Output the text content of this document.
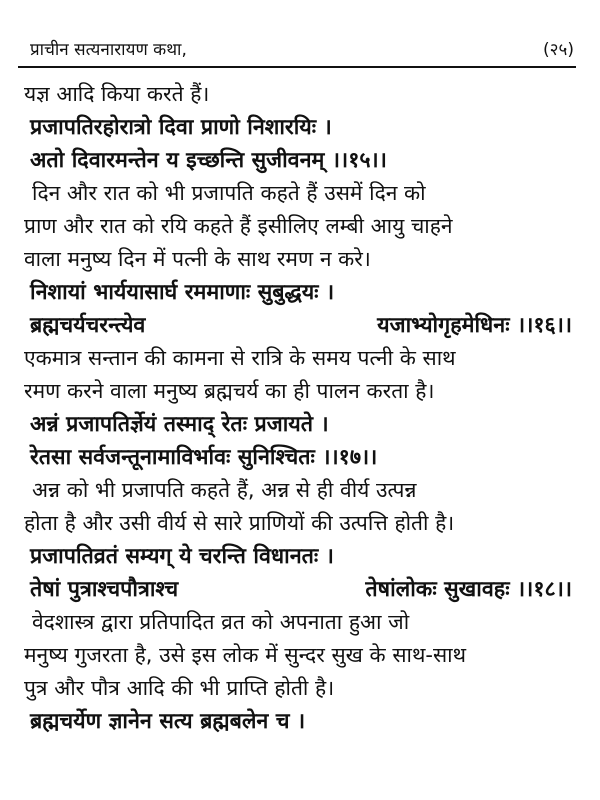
प्राचीन सत्यनारायण कथा,	(२५)
यज्ञ आदि किया करते हैं।
प्रजापतिरहोरात्रो दिवा प्राणो निशारयिः ।
अतो दिवारमन्तेन य इच्छन्ति सुजीवनम् ।।१५।।
दिन और रात को भी प्रजापति कहते हैं उसमें दिन को
प्राण और रात को रयि कहते हैं इसीलिए लम्बी आयु चाहने
वाला मनुष्य दिन में पत्नी के साथ रमण न करे।
निशायां भार्ययासार्घ रममाणाः सुबुद्धयः ।
ब्रह्मचर्यचरन्त्येव	यजाभ्योगृहमेधिनः ।।१६।।
एकमात्र सन्तान की कामना से रात्रि के समय पत्नी के साथ
रमण करने वाला मनुष्य ब्रह्मचर्य का ही पालन करता है।
अन्नं प्रजापतिर्ज्ञेयं तस्माद् रेतः प्रजायते ।
रेतसा सर्वजन्तूनामाविर्भावः सुनिश्चितः ।।१७।।
अन्न को भी प्रजापति कहते हैं, अन्न से ही वीर्य उत्पन्न
होता है और उसी वीर्य से सारे प्राणियों की उत्पत्ति होती है।
प्रजापतिव्रतं सम्यग् ये चरन्ति विधानतः ।
तेषां पुत्राश्चपौत्राश्च	तेषांलोकः सुखावहः ।।१८।।
वेदशास्त्र द्वारा प्रतिपादित व्रत को अपनाता हुआ जो
मनुष्य गुजरता है, उसे इस लोक में सुन्दर सुख के साथ-साथ
पुत्र और पौत्र आदि की भी प्राप्ति होती है।
ब्रह्मचर्येण ज्ञानेन सत्य ब्रह्मबलेन च ।
